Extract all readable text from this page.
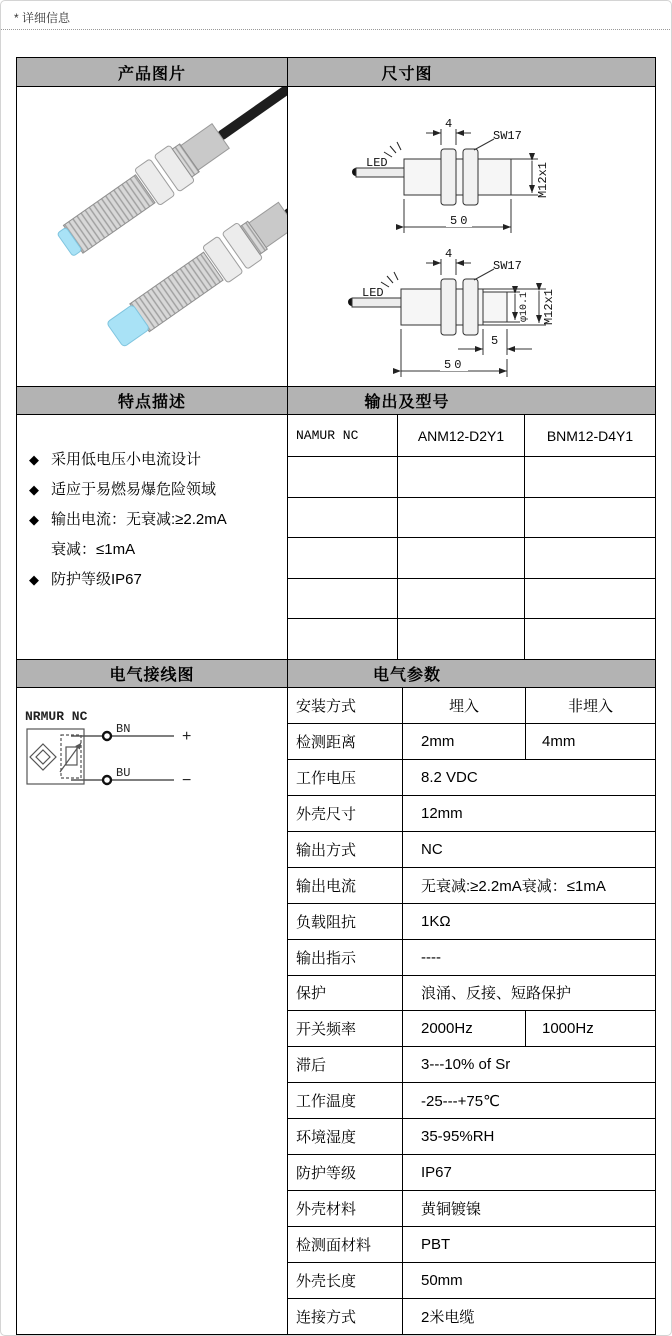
* 详细信息
产品图片	尺寸图
LED
4
SW17
M12x1
50
LED
4
SW17
φ10.1 M12x1
5
50
特点描述	输出及型号
◆ 采用低电压小电流设计
◆ 适应于易燃易爆危险领域
◆ 输出电流：无衰减:≥2.2mA
衰减：≤1mA
◆ 防护等级IP67
NAMUR NC	ANM12-D2Y1	BNM12-D4Y1
电气接线图	电气参数
NRMUR NC
BN
BU
+
−
安装方式	埋入	非埋入
检测距离	2mm	4mm
工作电压	8.2 VDC
外壳尺寸	12mm
输出方式	NC
输出电流	无衰减:≥2.2mA衰减：≤1mA
负载阻抗	1KΩ
输出指示	----
保护	浪涌、反接、短路保护
开关频率	2000Hz	1000Hz
滞后	3---10% of Sr
工作温度	-25---+75℃
环境湿度	35-95%RH
防护等级	IP67
外壳材料	黄铜镀镍
检测面材料	PBT
外壳长度	50mm
连接方式	2米电缆
